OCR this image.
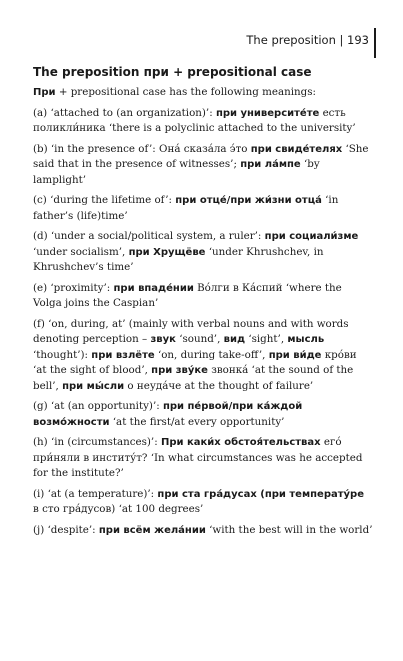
The preposition | 193
The preposition при + prepositional case

При + prepositional case has the following meanings:

(a) ‘attached to (an organization)’: при университе́те есть поликли́ника ‘there is a polyclinic attached to the university’

(b) ‘in the presence of’: Она́ сказа́ла э́то при свиде́телях ‘She said that in the presence of witnesses’; при ла́мпе ‘by lamplight’

(c) ‘during the lifetime of’: при отце́/при жи́зни отца́ ‘in father’s (life)time’

(d) ‘under a social/political system, a ruler’: при социали́зме ‘under socialism’, при Хрущёве ‘under Khrushchev, in Khrushchev’s time’

(e) ‘proximity’: при впаде́нии Во́лги в Ка́спий ‘where the Volga joins the Caspian’

(f) ‘on, during, at’ (mainly with verbal nouns and with words denoting perception – звук ‘sound’, вид ‘sight’, мысль ‘thought’): при взлёте ‘on, during take-off’, при ви́де кро́ви ‘at the sight of blood’, при зву́ке звонка́ ‘at the sound of the bell’, при мы́сли о неуда́че at the thought of failure’

(g) ‘at (an opportunity)’: при пе́рвой/при ка́ждой возмо́жности ‘at the first/at every opportunity’

(h) ‘in (circumstances)’: При каки́х обстоя́тельствах его́ при́няли в институ́т? ‘In what circumstances was he accepted for the institute?’

(i) ‘at (a temperature)’: при ста гра́дусах (при температу́ре в сто гра́дусов) ‘at 100 degrees’

(j) ‘despite’: при всём жела́нии ‘with the best will in the world’
